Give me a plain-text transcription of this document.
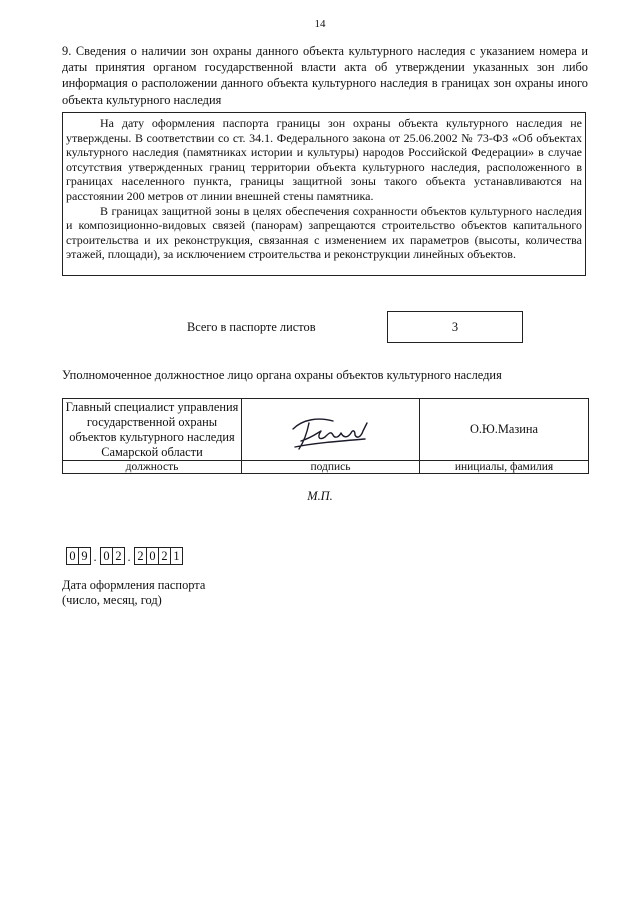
14
9. Сведения о наличии зон охраны данного объекта культурного наследия с указанием номера и даты принятия органом государственной власти акта об утверждении указанных зон либо информация о расположении данного объекта культурного наследия в границах зон охраны иного объекта культурного наследия

На дату оформления паспорта границы зон охраны объекта культурного наследия не утверждены. В соответствии со ст. 34.1. Федерального закона от 25.06.2002 № 73-ФЗ «Об объектах культурного наследия (памятниках истории и культуры) народов Российской Федерации» в случае отсутствия утвержденных границ территории объекта культурного наследия, расположенного в границах населенного пункта, границы защитной зоны такого объекта устанавливаются на расстоянии 200 метров от линии внешней стены памятника.

В границах защитной зоны в целях обеспечения сохранности объектов культурного наследия и композиционно-видовых связей (панорам) запрещаются строительство объектов капитального строительства и их реконструкция, связанная с изменением их параметров (высоты, количества этажей, площади), за исключением строительства и реконструкции линейных объектов.

Всего в паспорте листов	3
Уполномоченное должностное лицо органа охраны объектов культурного наследия
Главный специалист управления государственной охраны объектов культурного наследия Самарской области		О.Ю.Мазина
должность	подпись	инициалы, фамилия
М.П.
0 9 . 0 2 . 2 0 2 1
Дата оформления паспорта
(число, месяц, год)
